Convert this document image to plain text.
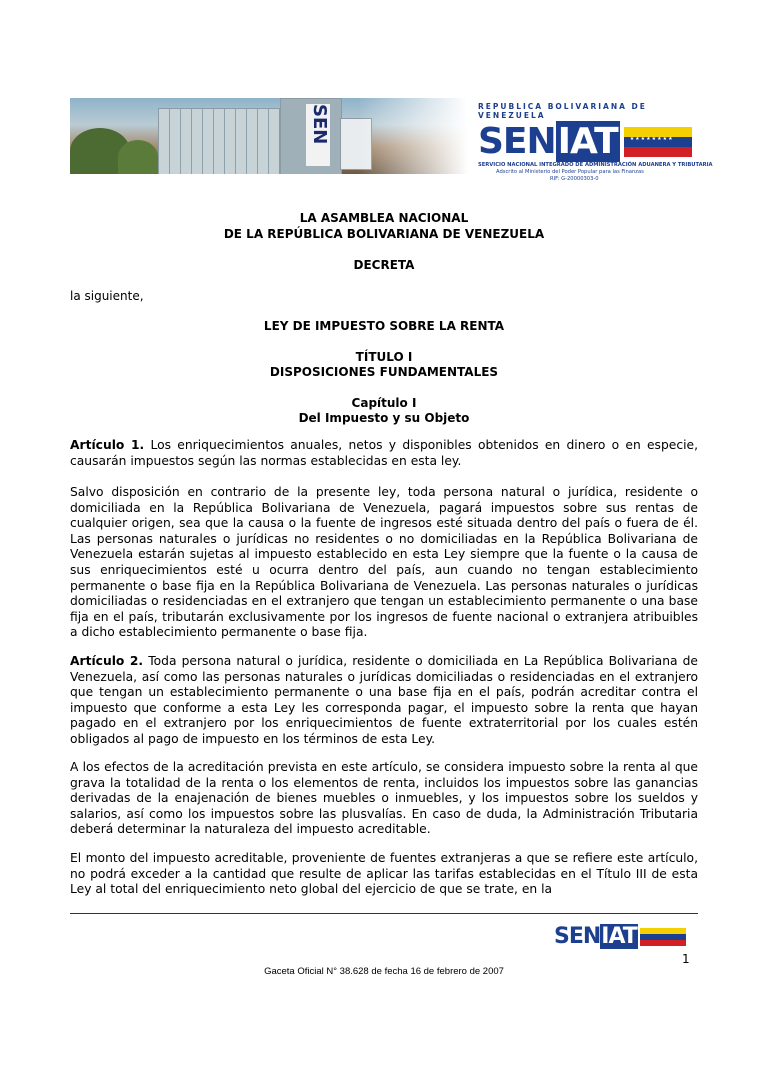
SEN	REPUBLICA BOLIVARIANA DE VENEZUELA
SENIAT
★★★★★★★★
SERVICIO NACIONAL INTEGRADO DE ADMINISTRACIÓN ADUANERA Y TRIBUTARIA
Adscrito al Ministerio del Poder Popular para las Finanzas
RIF: G-20000303-0
LA ASAMBLEA NACIONAL
DE LA REPÚBLICA BOLIVARIANA DE VENEZUELA
DECRETA
la siguiente,
LEY DE IMPUESTO SOBRE LA RENTA
TÍTULO I
DISPOSICIONES FUNDAMENTALES
Capítulo I
Del Impuesto y su Objeto

Artículo 1. Los enriquecimientos anuales, netos y disponibles obtenidos en dinero o en especie, causarán impuestos según las normas establecidas en esta ley.

Salvo disposición en contrario de la presente ley, toda persona natural o jurídica, residente o domiciliada en la República Bolivariana de Venezuela, pagará impuestos sobre sus rentas de cualquier origen, sea que la causa o la fuente de ingresos esté situada dentro del país o fuera de él. Las personas naturales o jurídicas no residentes o no domiciliadas en la República Bolivariana de Venezuela estarán sujetas al impuesto establecido en esta Ley siempre que la fuente o la causa de sus enriquecimientos esté u ocurra dentro del país, aun cuando no tengan establecimiento permanente o base fija en la República Bolivariana de Venezuela. Las personas naturales o jurídicas domiciliadas o residenciadas en el extranjero que tengan un establecimiento permanente o una base fija en el país, tributarán exclusivamente por los ingresos de fuente nacional o extranjera atribuibles a dicho establecimiento permanente o base fija.

Artículo 2. Toda persona natural o jurídica, residente o domiciliada en La República Bolivariana de Venezuela, así como las personas naturales o jurídicas domiciliadas o residenciadas en el extranjero que tengan un establecimiento permanente o una base fija en el país, podrán acreditar contra el impuesto que conforme a esta Ley les corresponda pagar, el impuesto sobre la renta que hayan pagado en el extranjero por los enriquecimientos de fuente extraterritorial por los cuales estén obligados al pago de impuesto en los términos de esta Ley.

A los efectos de la acreditación prevista en este artículo, se considera impuesto sobre la renta al que grava la totalidad de la renta o los elementos de renta, incluidos los impuestos sobre las ganancias derivadas de la enajenación de bienes muebles o inmuebles, y los impuestos sobre los sueldos y salarios, así como los impuestos sobre las plusvalías. En caso de duda, la Administración Tributaria deberá determinar la naturaleza del impuesto acreditable.

El monto del impuesto acreditable, proveniente de fuentes extranjeras a que se refiere este artículo, no podrá exceder a la cantidad que resulte de aplicar las tarifas establecidas en el Título III de esta Ley al total del enriquecimiento neto global del ejercicio de que se trate, en la

SENIAT
1
Gaceta Oficial N° 38.628 de fecha 16 de febrero de 2007
